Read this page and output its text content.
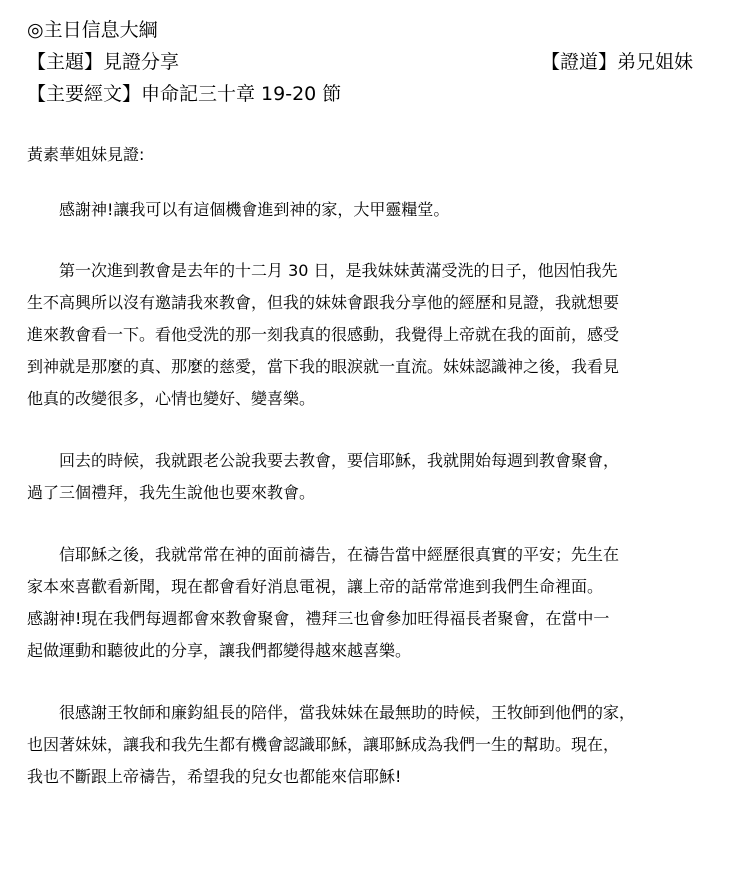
◎主日信息大綱
【主題】見證分享	【證道】弟兄姐妹
【主要經文】申命記三十章 19-20 節
黃素華姐妹見證:

感謝神!讓我可以有這個機會進到神的家，大甲靈糧堂。

第一次進到教會是去年的十二月 30 日，是我妹妹黃滿受洗的日子，他因怕我先
生不高興所以沒有邀請我來教會，但我的妹妹會跟我分享他的經歷和見證，我就想要
進來教會看一下。看他受洗的那一刻我真的很感動，我覺得上帝就在我的面前，感受
到神就是那麼的真、那麼的慈愛，當下我的眼淚就一直流。妹妹認識神之後，我看見
他真的改變很多，心情也變好、變喜樂。

回去的時候，我就跟老公說我要去教會，要信耶穌，我就開始每週到教會聚會，
過了三個禮拜，我先生說他也要來教會。

信耶穌之後，我就常常在神的面前禱告，在禱告當中經歷很真實的平安；先生在
家本來喜歡看新聞，現在都會看好消息電視，讓上帝的話常常進到我們生命裡面。
感謝神!現在我們每週都會來教會聚會，禮拜三也會參加旺得福長者聚會，在當中一
起做運動和聽彼此的分享，讓我們都變得越來越喜樂。

很感謝王牧師和廉鈞組長的陪伴，當我妹妹在最無助的時候，王牧師到他們的家，
也因著妹妹，讓我和我先生都有機會認識耶穌，讓耶穌成為我們一生的幫助。現在，
我也不斷跟上帝禱告，希望我的兒女也都能來信耶穌!
